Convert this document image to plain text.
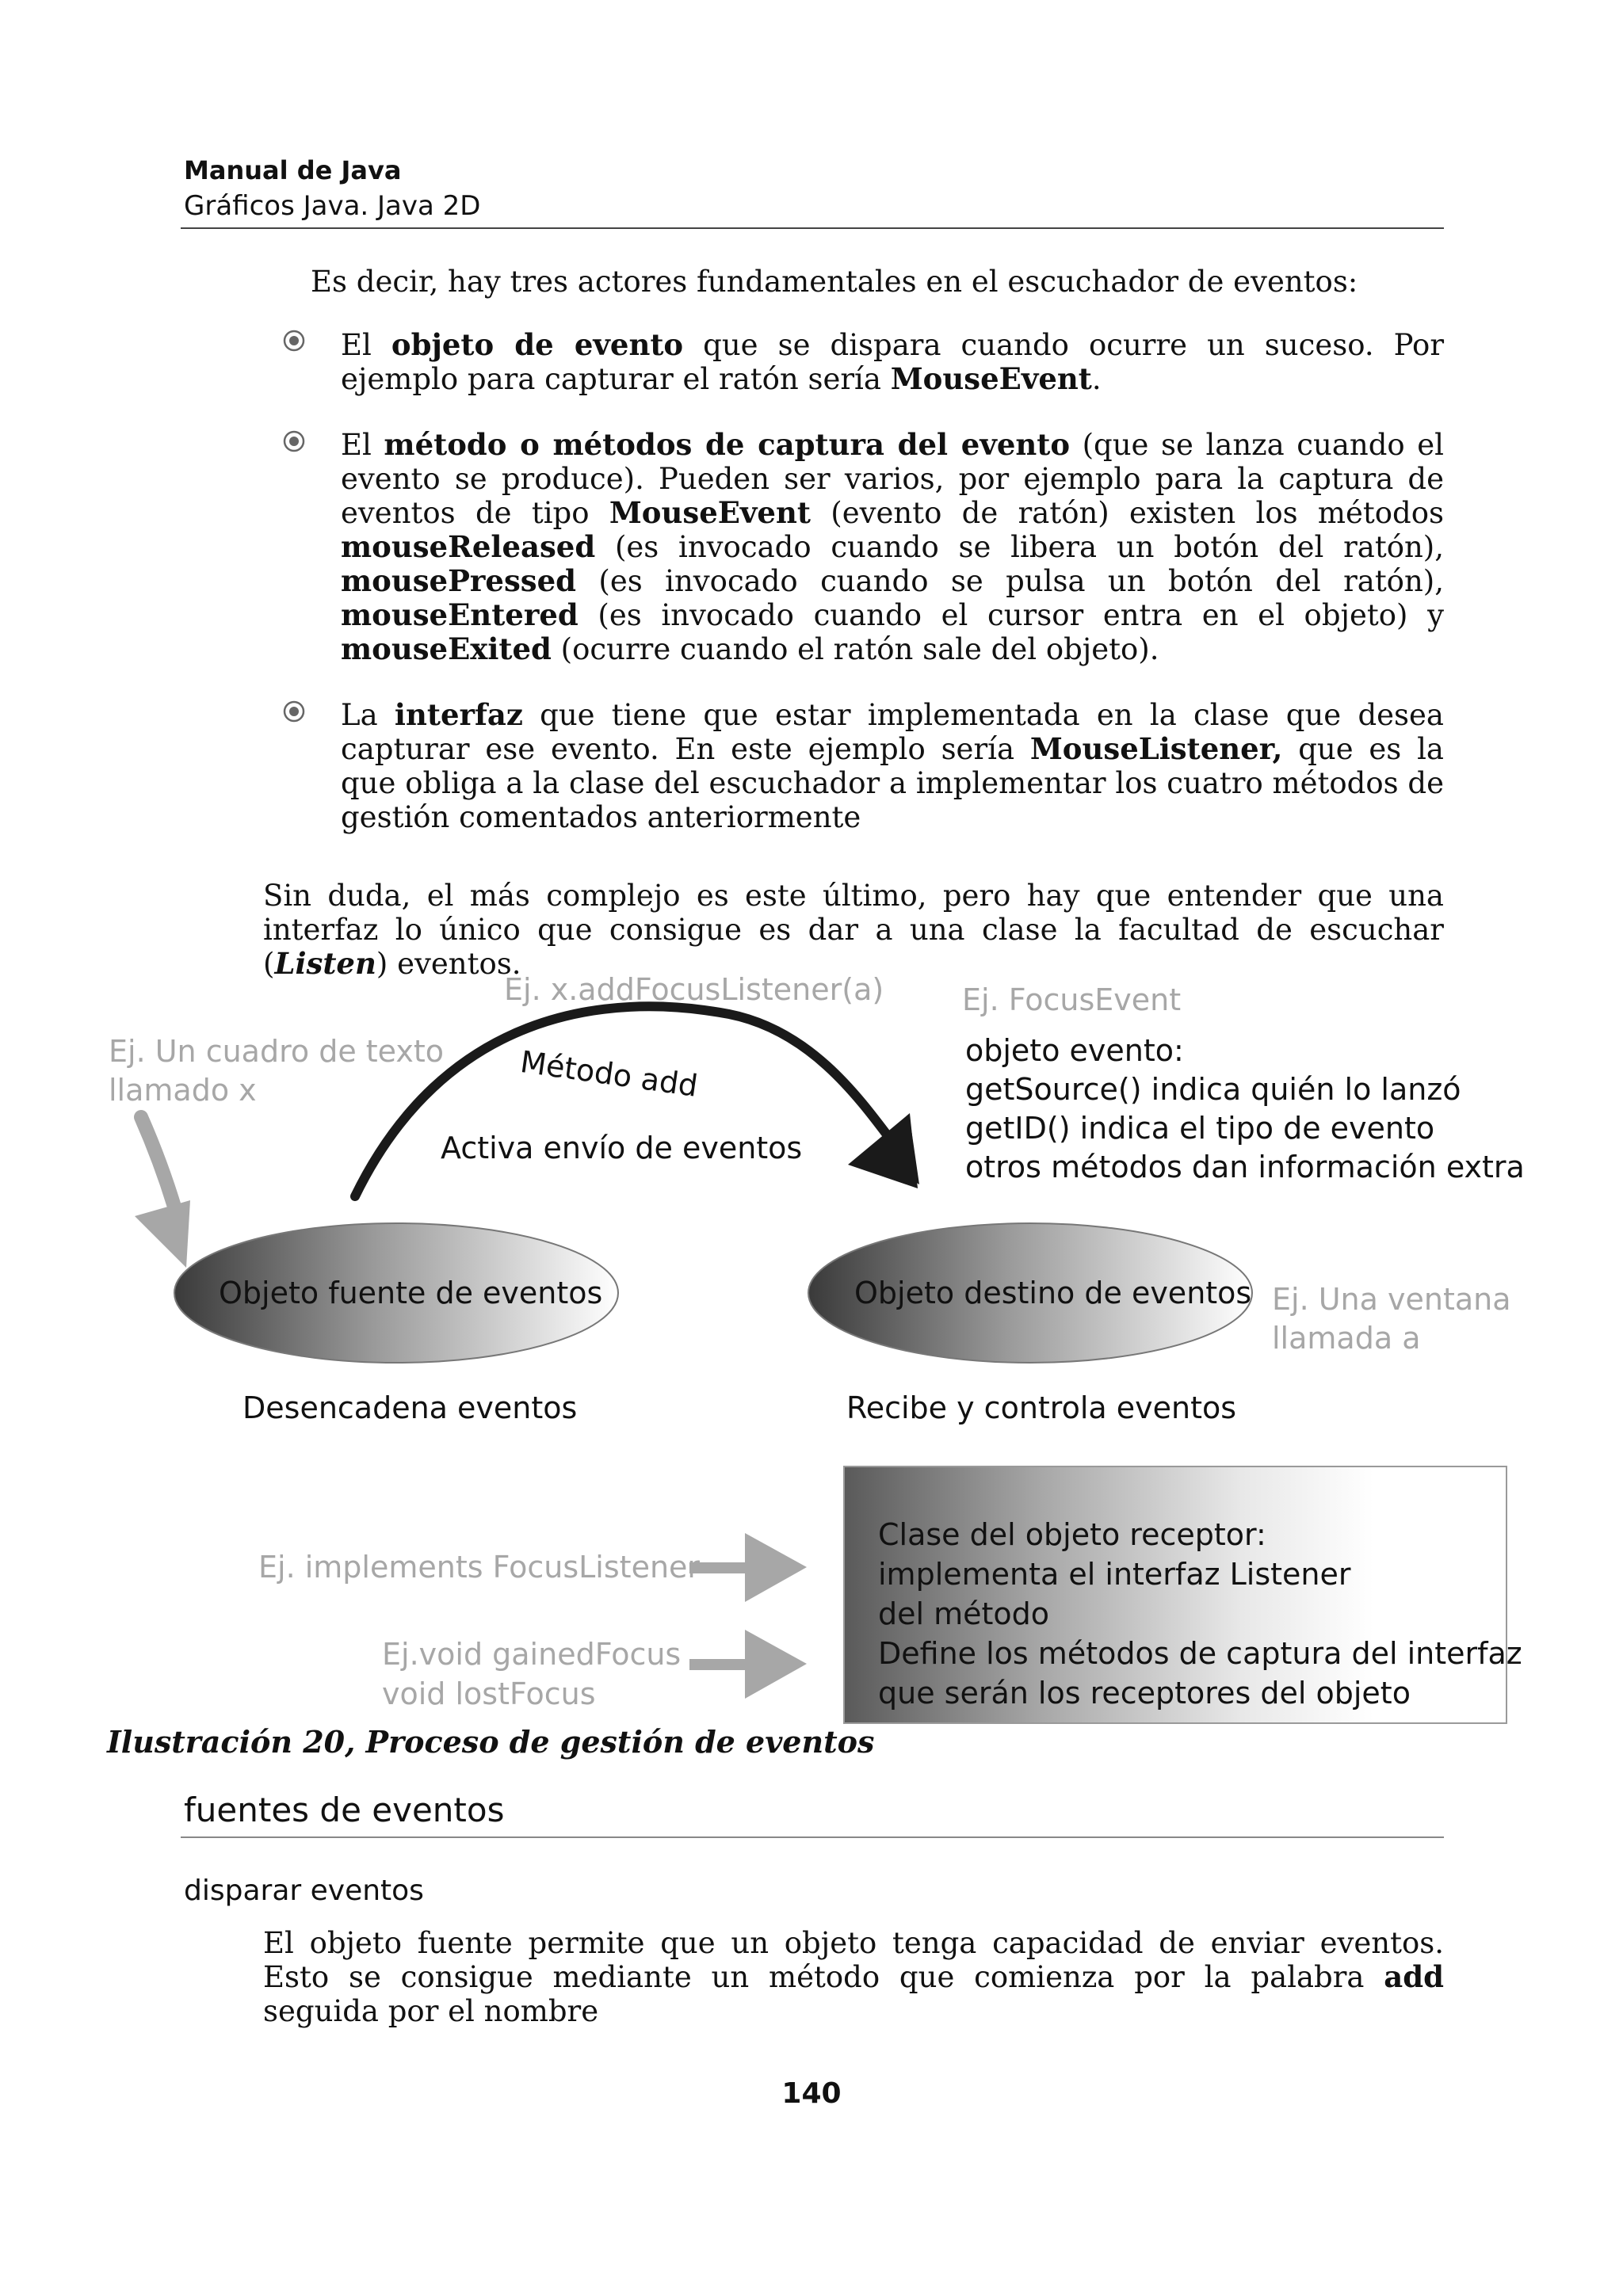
Manual de Java
Gráficos Java. Java 2D
Es decir, hay tres actores fundamentales en el escuchador de eventos:
El objeto de evento que se dispara cuando ocurre un suceso. Por ejemplo para capturar el ratón sería MouseEvent.
El método o métodos de captura del evento (que se lanza cuando el evento se produce). Pueden ser varios, por ejemplo para la captura de eventos de tipo MouseEvent (evento de ratón) existen los métodos mouseReleased (es invocado cuando se libera un botón del ratón), mousePressed (es invocado cuando se pulsa un botón del ratón), mouseEntered (es invocado cuando el cursor entra en el objeto) y mouseExited (ocurre cuando el ratón sale del objeto).
La interfaz que tiene que estar implementada en la clase que desea capturar ese evento. En este ejemplo sería MouseListener, que es la que obliga a la clase del escuchador a implementar los cuatro métodos de gestión comentados anteriormente
Sin duda, el más complejo es este último, pero hay que entender que una interfaz lo único que consigue es dar a una clase la facultad de escuchar (Listen) eventos.
Ej. x.addFocusListener(a)	Ej. FocusEvent
Ej. Un cuadro de texto
llamado x	Método add
Activa envío de eventos
objeto evento:
getSource() indica quién lo lanzó
getID() indica el tipo de evento
otros métodos dan información extra
Objeto fuente de eventos	Objeto destino de eventos Ej. Una ventana
llamada a
Desencadena eventos	Recibe y controla eventos
Clase del objeto receptor:
implementa el interfaz Listener
del método
Define los métodos de captura del interfaz
que serán los receptores del objeto
Ej. implements FocusListener
Ej.void gainedFocus
void lostFocus
Ilustración 20, Proceso de gestión de eventos
fuentes de eventos
disparar eventos
El objeto fuente permite que un objeto tenga capacidad de enviar eventos. Esto se consigue mediante un método que comienza por la palabra add seguida por el nombre
140
